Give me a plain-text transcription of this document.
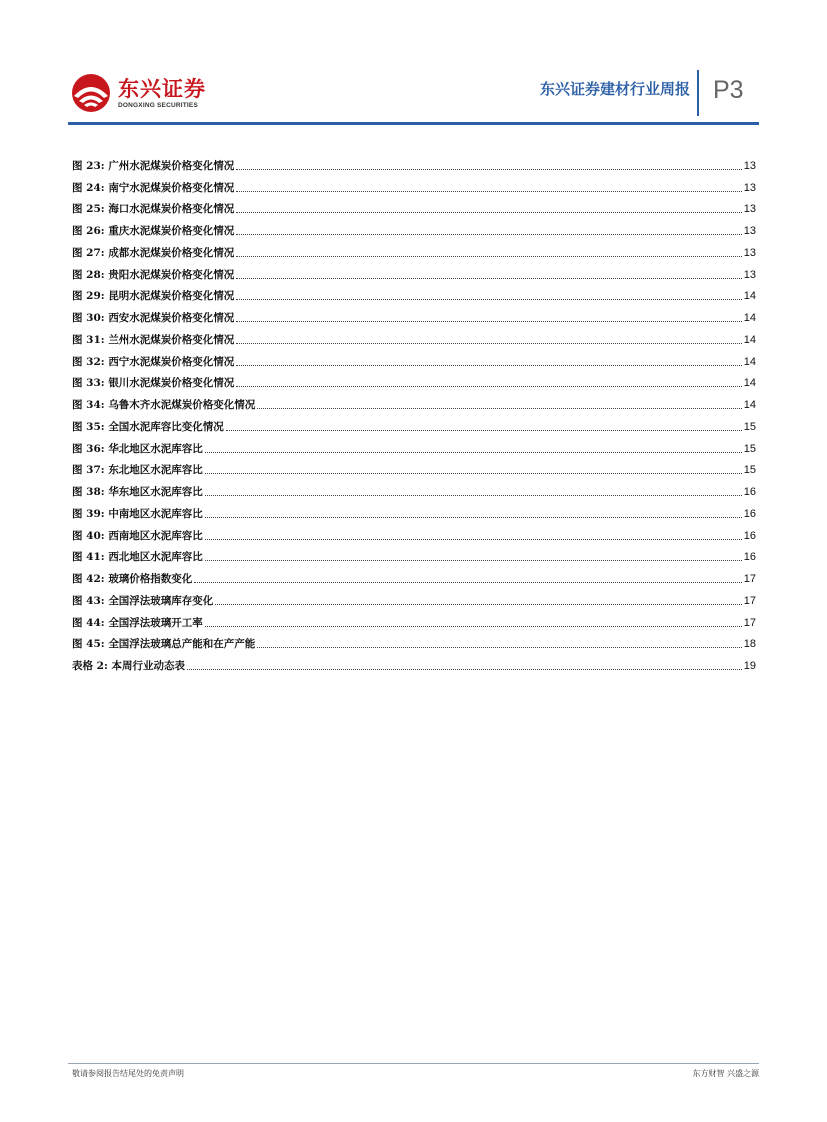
东兴证券
DONGXING SECURITIES
东兴证券建材行业周报 P3
图 23: 广州水泥煤炭价格变化情况	13
图 24: 南宁水泥煤炭价格变化情况	13
图 25: 海口水泥煤炭价格变化情况	13
图 26: 重庆水泥煤炭价格变化情况	13
图 27: 成都水泥煤炭价格变化情况	13
图 28: 贵阳水泥煤炭价格变化情况	13
图 29: 昆明水泥煤炭价格变化情况	14
图 30: 西安水泥煤炭价格变化情况	14
图 31: 兰州水泥煤炭价格变化情况	14
图 32: 西宁水泥煤炭价格变化情况	14
图 33: 银川水泥煤炭价格变化情况	14
图 34: 乌鲁木齐水泥煤炭价格变化情况	14
图 35: 全国水泥库容比变化情况	15
图 36: 华北地区水泥库容比	15
图 37: 东北地区水泥库容比	15
图 38: 华东地区水泥库容比	16
图 39: 中南地区水泥库容比	16
图 40: 西南地区水泥库容比	16
图 41: 西北地区水泥库容比	16
图 42: 玻璃价格指数变化	17
图 43: 全国浮法玻璃库存变化	17
图 44: 全国浮法玻璃开工率	17
图 45: 全国浮法玻璃总产能和在产产能	18
表格 2: 本周行业动态表	19
敬请参阅报告结尾处的免责声明	东方财智 兴盛之源
